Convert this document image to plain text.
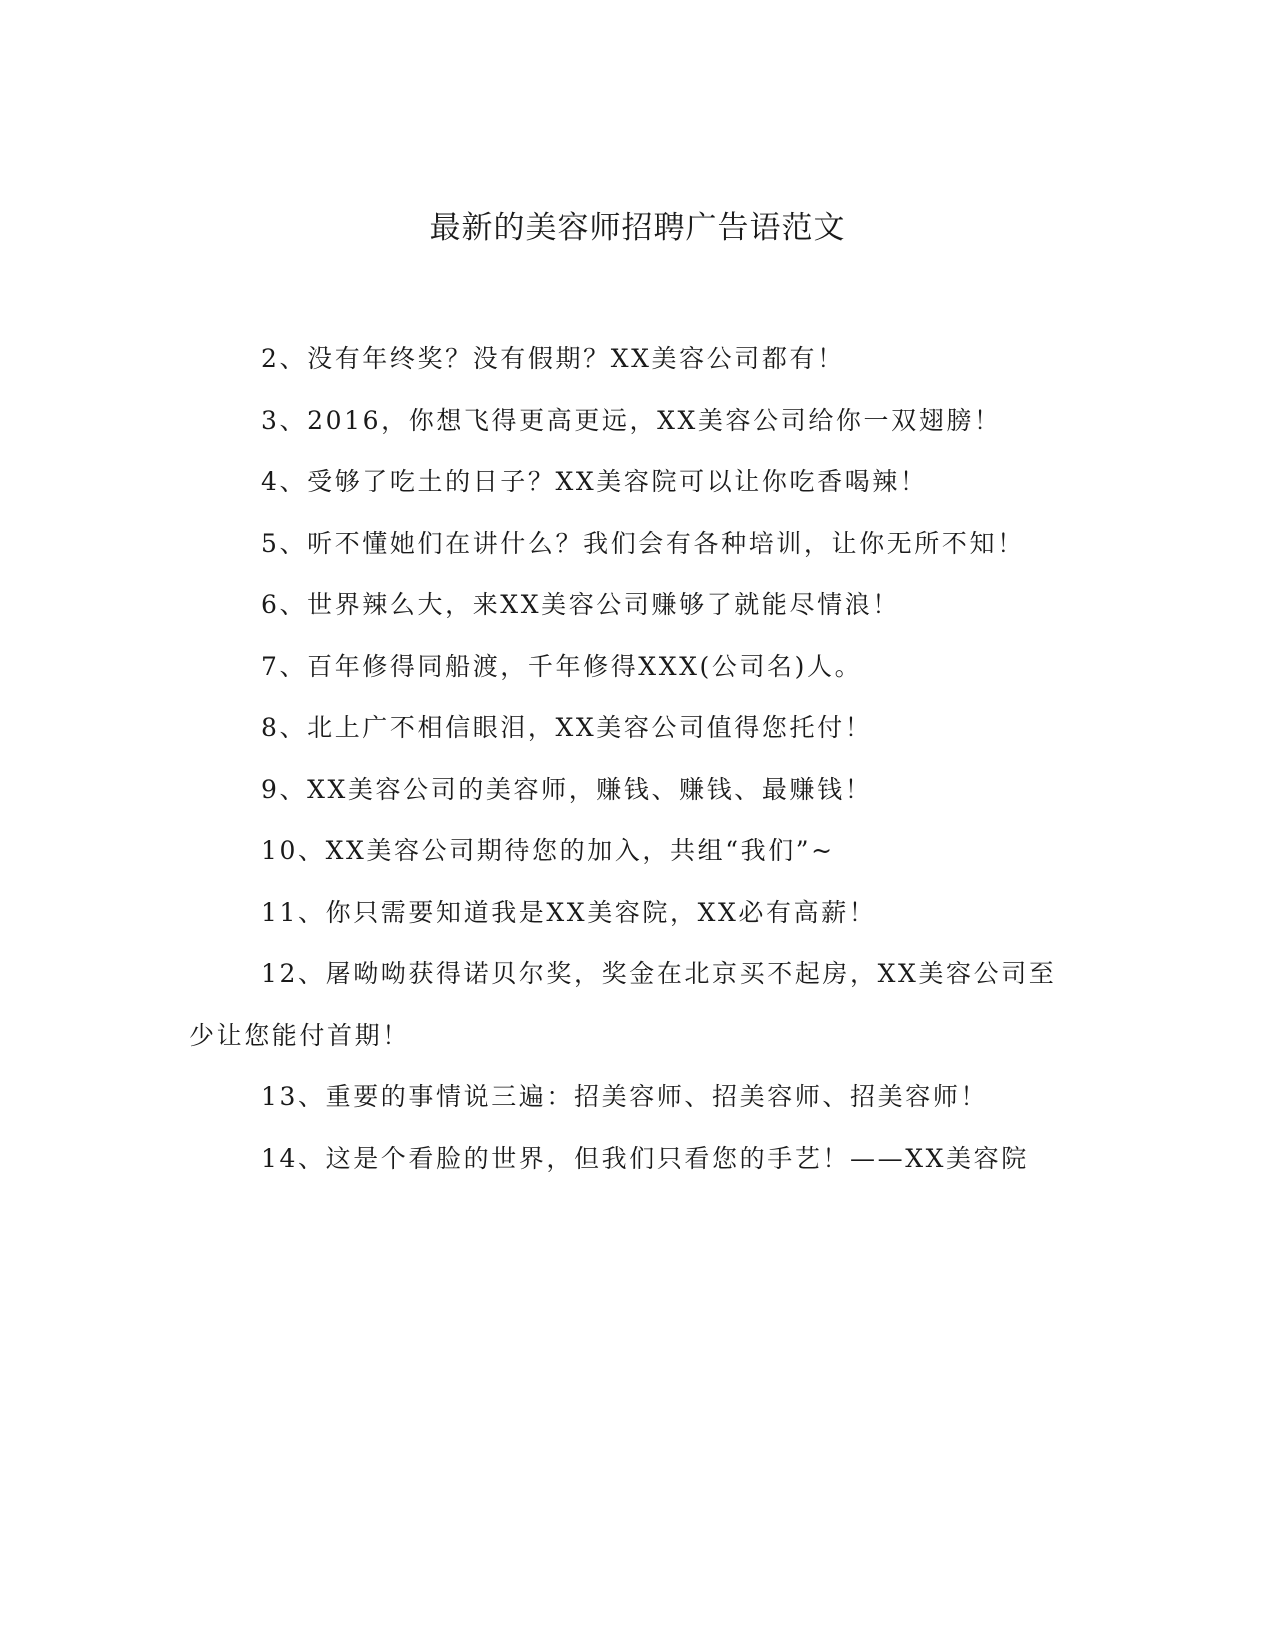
最新的美容师招聘广告语范文

2、没有年终奖？没有假期？XX美容公司都有！

3、2016，你想飞得更高更远，XX美容公司给你一双翅膀！

4、受够了吃土的日子？XX美容院可以让你吃香喝辣！

5、听不懂她们在讲什么？我们会有各种培训，让你无所不知！

6、世界辣么大，来XX美容公司赚够了就能尽情浪！

7、百年修得同船渡，千年修得XXX(公司名)人。

8、北上广不相信眼泪，XX美容公司值得您托付！

9、XX美容公司的美容师，赚钱、赚钱、最赚钱！

10、XX美容公司期待您的加入，共组“我们”~

11、你只需要知道我是XX美容院，XX必有高薪！

12、屠呦呦获得诺贝尔奖，奖金在北京买不起房，XX美容公司至少让您能付首期！

13、重要的事情说三遍：招美容师、招美容师、招美容师！

14、这是个看脸的世界，但我们只看您的手艺！——XX美容院
